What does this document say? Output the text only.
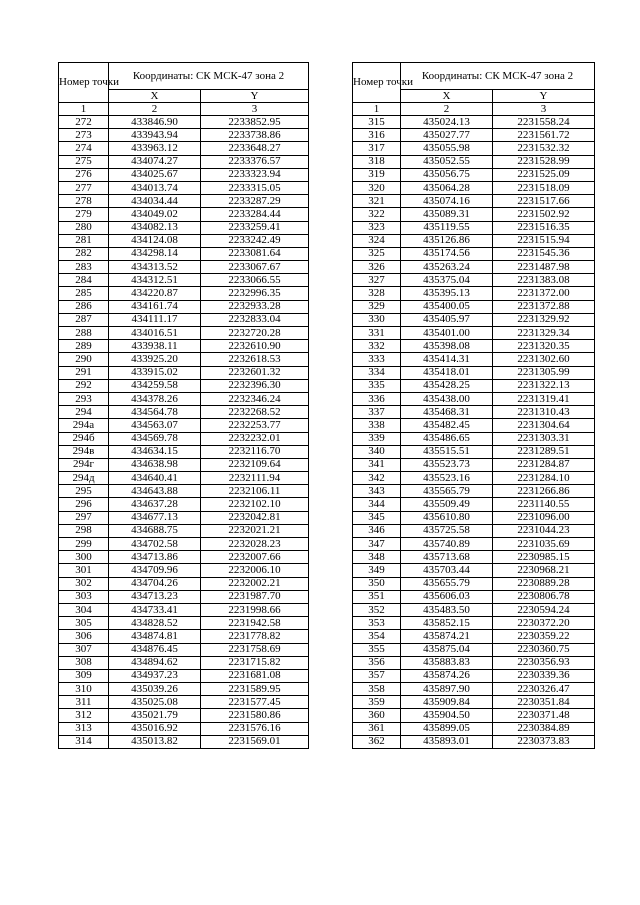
Номер точки	Координаты: СК МСК-47 зона 2	
	X	Y
1	2	3
272	433846.90	2233852.95
273	433943.94	2233738.86
274	433963.12	2233648.27
275	434074.27	2233376.57
276	434025.67	2233323.94
277	434013.74	2233315.05
278	434034.44	2233287.29
279	434049.02	2233284.44
280	434082.13	2233259.41
281	434124.08	2233242.49
282	434298.14	2233081.64
283	434313.52	2233067.67
284	434312.51	2233066.55
285	434220.87	2232996.35
286	434161.74	2232933.28
287	434111.17	2232833.04
288	434016.51	2232720.28
289	433938.11	2232610.90
290	433925.20	2232618.53
291	433915.02	2232601.32
292	434259.58	2232396.30
293	434378.26	2232346.24
294	434564.78	2232268.52
294а	434563.07	2232253.77
294б	434569.78	2232232.01
294в	434634.15	2232116.70
294г	434638.98	2232109.64
294д	434640.41	2232111.94
295	434643.88	2232106.11
296	434637.28	2232102.10
297	434677.13	2232042.81
298	434688.75	2232021.21
299	434702.58	2232028.23
300	434713.86	2232007.66
301	434709.96	2232006.10
302	434704.26	2232002.21
303	434713.23	2231987.70
304	434733.41	2231998.66
305	434828.52	2231942.58
306	434874.81	2231778.82
307	434876.45	2231758.69
308	434894.62	2231715.82
309	434937.23	2231681.08
310	435039.26	2231589.95
311	435025.08	2231577.45
312	435021.79	2231580.86
313	435016.92	2231576.16
314	435013.82	2231569.01
Номер точки	Координаты: СК МСК-47 зона 2	
	X	Y
1	2	3
315	435024.13	2231558.24
316	435027.77	2231561.72
317	435055.98	2231532.32
318	435052.55	2231528.99
319	435056.75	2231525.09
320	435064.28	2231518.09
321	435074.16	2231517.66
322	435089.31	2231502.92
323	435119.55	2231516.35
324	435126.86	2231515.94
325	435174.56	2231545.36
326	435263.24	2231487.98
327	435375.04	2231383.08
328	435395.13	2231372.00
329	435400.05	2231372.88
330	435405.97	2231329.92
331	435401.00	2231329.34
332	435398.08	2231320.35
333	435414.31	2231302.60
334	435418.01	2231305.99
335	435428.25	2231322.13
336	435438.00	2231319.41
337	435468.31	2231310.43
338	435482.45	2231304.64
339	435486.65	2231303.31
340	435515.51	2231289.51
341	435523.73	2231284.87
342	435523.16	2231284.10
343	435565.79	2231266.86
344	435509.49	2231140.55
345	435610.80	2231096.00
346	435725.58	2231044.23
347	435740.89	2231035.69
348	435713.68	2230985.15
349	435703.44	2230968.21
350	435655.79	2230889.28
351	435606.03	2230806.78
352	435483.50	2230594.24
353	435852.15	2230372.20
354	435874.21	2230359.22
355	435875.04	2230360.75
356	435883.83	2230356.93
357	435874.26	2230339.36
358	435897.90	2230326.47
359	435909.84	2230351.84
360	435904.50	2230371.48
361	435899.05	2230384.89
362	435893.01	2230373.83
